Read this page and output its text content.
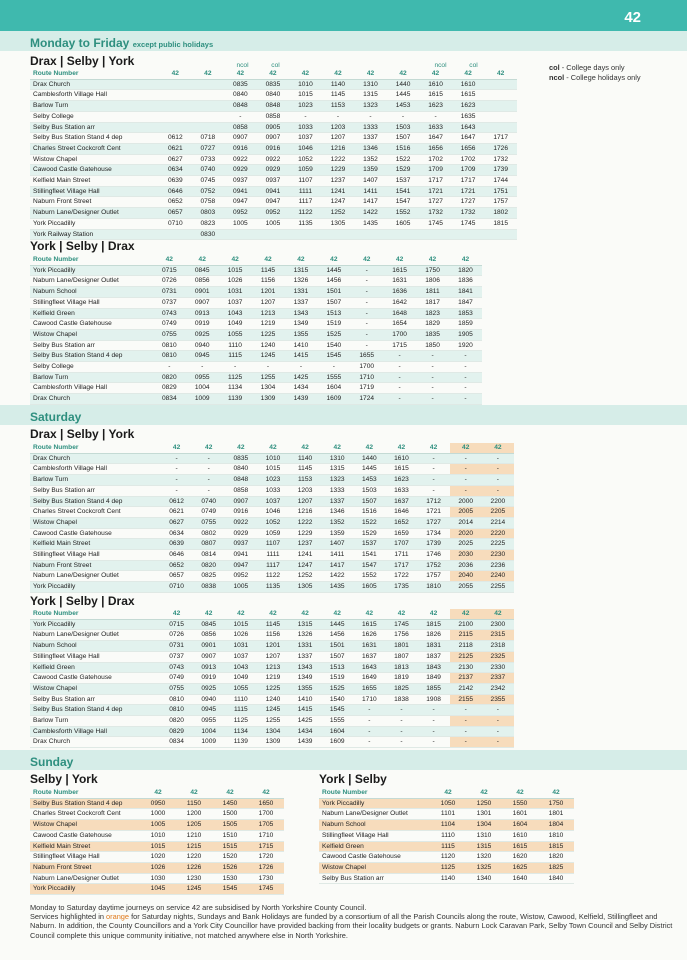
42
Monday to Friday except public holidays
col - College days only
ncol - College holidays only
Drax | Selby | York
Route Number	42	42	42	42	42	42	42	42	42	42	42
Drax Church			0835	0835	1010	1140	1310	1440	1610	1610	
Camblesforth Village Hall			0840	0840	1015	1145	1315	1445	1615	1615	
Barlow Turn			0848	0848	1023	1153	1323	1453	1623	1623	
Selby College			-	0858	-	-	-	-	-	1635	
Selby Bus Station arr			0858	0905	1033	1203	1333	1503	1633	1643	
Selby Bus Station Stand 4 dep	0612	0718	0907	0907	1037	1207	1337	1507	1647	1647	1717
Charles Street Cockcroft Cent	0621	0727	0916	0916	1046	1216	1346	1516	1656	1656	1726
Wistow Chapel	0627	0733	0922	0922	1052	1222	1352	1522	1702	1702	1732
Cawood Castle Gatehouse	0634	0740	0929	0929	1059	1229	1359	1529	1709	1709	1739
Kelfield Main Street	0639	0745	0937	0937	1107	1237	1407	1537	1717	1717	1744
Stillingfleet Village Hall	0646	0752	0941	0941	1111	1241	1411	1541	1721	1721	1751
Naburn Front Street	0652	0758	0947	0947	1117	1247	1417	1547	1727	1727	1757
Naburn Lane/Designer Outlet	0657	0803	0952	0952	1122	1252	1422	1552	1732	1732	1802
York Piccadilly	0710	0823	1005	1005	1135	1305	1435	1605	1745	1745	1815
York Railway Station		0830									
York | Selby | Drax
Route Number	42	42	42	42	42	42	42	42	42	42
York Piccadilly	0715	0845	1015	1145	1315	1445	-	1615	1750	1820
Naburn Lane/Designer Outlet	0726	0856	1026	1156	1326	1456	-	1631	1806	1836
Naburn School	0731	0901	1031	1201	1331	1501	-	1636	1811	1841
Stillingfleet Village Hall	0737	0907	1037	1207	1337	1507	-	1642	1817	1847
Kelfield Green	0743	0913	1043	1213	1343	1513	-	1648	1823	1853
Cawood Castle Gatehouse	0749	0919	1049	1219	1349	1519	-	1654	1829	1859
Wistow Chapel	0755	0925	1055	1225	1355	1525	-	1700	1835	1905
Selby Bus Station arr	0810	0940	1110	1240	1410	1540	-	1715	1850	1920
Selby Bus Station Stand 4 dep	0810	0945	1115	1245	1415	1545	1655	-	-	-
Selby College	-	-	-	-	-	-	1700	-	-	-
Barlow Turn	0820	0955	1125	1255	1425	1555	1710	-	-	-
Camblesforth Village Hall	0829	1004	1134	1304	1434	1604	1719	-	-	-
Drax Church	0834	1009	1139	1309	1439	1609	1724	-	-	-
Saturday
Drax | Selby | York
Route Number	42	42	42	42	42	42	42	42	42	42	42
Drax Church	-	-	0835	1010	1140	1310	1440	1610	-	-	-
Camblesforth Village Hall	-	-	0840	1015	1145	1315	1445	1615	-	-	-
Barlow Turn	-	-	0848	1023	1153	1323	1453	1623	-	-	-
Selby Bus Station arr	-	-	0858	1033	1203	1333	1503	1633	-	-	-
Selby Bus Station Stand 4 dep	0612	0740	0907	1037	1207	1337	1507	1637	1712	2000	2200
Charles Street Cockcroft Cent	0621	0749	0916	1046	1216	1346	1516	1646	1721	2005	2205
Wistow Chapel	0627	0755	0922	1052	1222	1352	1522	1652	1727	2014	2214
Cawood Castle Gatehouse	0634	0802	0929	1059	1229	1359	1529	1659	1734	2020	2220
Kelfield Main Street	0639	0807	0937	1107	1237	1407	1537	1707	1739	2025	2225
Stillingfleet Village Hall	0646	0814	0941	1111	1241	1411	1541	1711	1746	2030	2230
Naburn Front Street	0652	0820	0947	1117	1247	1417	1547	1717	1752	2036	2236
Naburn Lane/Designer Outlet	0657	0825	0952	1122	1252	1422	1552	1722	1757	2040	2240
York Piccadilly	0710	0838	1005	1135	1305	1435	1605	1735	1810	2055	2255
York | Selby | Drax
Route Number	42	42	42	42	42	42	42	42	42	42	42
York Piccadilly	0715	0845	1015	1145	1315	1445	1615	1745	1815	2100	2300
Naburn Lane/Designer Outlet	0726	0856	1026	1156	1326	1456	1626	1756	1826	2115	2315
Naburn School	0731	0901	1031	1201	1331	1501	1631	1801	1831	2118	2318
Stillingfleet Village Hall	0737	0907	1037	1207	1337	1507	1637	1807	1837	2125	2325
Kelfield Green	0743	0913	1043	1213	1343	1513	1643	1813	1843	2130	2330
Cawood Castle Gatehouse	0749	0919	1049	1219	1349	1519	1649	1819	1849	2137	2337
Wistow Chapel	0755	0925	1055	1225	1355	1525	1655	1825	1855	2142	2342
Selby Bus Station arr	0810	0940	1110	1240	1410	1540	1710	1838	1908	2155	2355
Selby Bus Station Stand 4 dep	0810	0945	1115	1245	1415	1545	-	-	-	-	-
Barlow Turn	0820	0955	1125	1255	1425	1555	-	-	-	-	-
Camblesforth Village Hall	0829	1004	1134	1304	1434	1604	-	-	-	-	-
Drax Church	0834	1009	1139	1309	1439	1609	-	-	-	-	-
Sunday
Selby | York
Route Number	42	42	42	42
Selby Bus Station Stand 4 dep	0950	1150	1450	1650
Charles Street Cockcroft Cent	1000	1200	1500	1700
Wistow Chapel	1005	1205	1505	1705
Cawood Castle Gatehouse	1010	1210	1510	1710
Kelfield Main Street	1015	1215	1515	1715
Stillingfleet Village Hall	1020	1220	1520	1720
Naburn Front Street	1026	1226	1526	1726
Naburn Lane/Designer Outlet	1030	1230	1530	1730
York Piccadilly	1045	1245	1545	1745
York | Selby
Route Number	42	42	42	42
York Piccadilly	1050	1250	1550	1750
Naburn Lane/Designer Outlet	1101	1301	1601	1801
Naburn School	1104	1304	1604	1804
Stillingfleet Village Hall	1110	1310	1610	1810
Kelfield Green	1115	1315	1615	1815
Cawood Castle Gatehouse	1120	1320	1620	1820
Wistow Chapel	1125	1325	1625	1825
Selby Bus Station arr	1140	1340	1640	1840
Monday to Saturday daytime journeys on service 42 are subsidised by North Yorkshire County Council.
Services highlighted in orange for Saturday nights, Sundays and Bank Holidays are funded by a consortium of all the Parish Councils along the route, Wistow, Cawood, Kelfield, Stillingfleet and Naburn. In addition, the County Councillors and a York City Councillor have provided backing from their locality budgets or grants. Naburn Lock Caravan Park, Selby Town Council and Selby District Council complete this unique community initiative, not matched anywhere else in North Yorkshire.
ncol	col	ncol	col
